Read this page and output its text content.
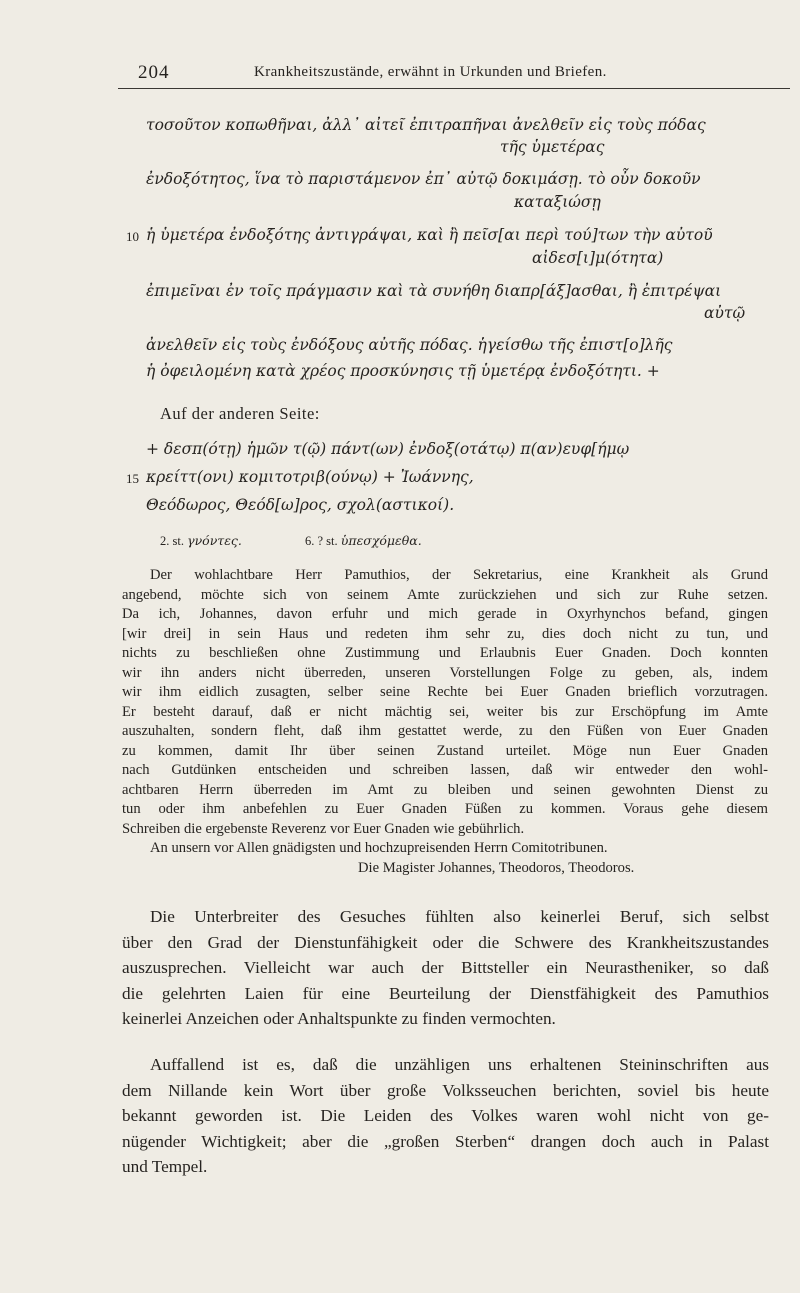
204	Krankheitszustände, erwähnt in Urkunden und Briefen.
τοσοῦτον κοπωθῆναι, ἀλλ᾽ αἰτεῖ ἐπιτραπῆναι ἀνελθεῖν εἰς τοὺς πόδας
τῆς ὑμετέρας
ἐνδοξότητος, ἵνα τὸ παριστάμενον ἐπ᾽ αὐτῷ δοκιμάσῃ. τὸ οὖν δοκοῦν
καταξιώσῃ
10 ἡ ὑμετέρα ἐνδοξότης ἀντιγράψαι, καὶ ἢ πεῖσ[αι περὶ τού]των τὴν αὐτοῦ
αἰδεσ[ι]μ(ότητα)
ἐπιμεῖναι ἐν τοῖς πράγμασιν καὶ τὰ συνήθη διαπρ[άξ]ασθαι, ἢ ἐπιτρέψαι
αὐτῷ
ἀνελθεῖν εἰς τοὺς ἐνδόξους αὐτῆς πόδας. ἡγείσθω τῆς ἐπιστ[ο]λῆς
ἡ ὀφειλομένη κατὰ χρέος προσκύνησις τῇ ὑμετέρᾳ ἐνδοξότητι. +
Auf der anderen Seite:
+ δεσπ(ότῃ) ἡμῶν τ(ῷ) πάντ(ων) ἐνδοξ(οτάτῳ) π(αν)ευφ[ήμῳ
15 κρείττ(ονι) κομιτοτριβ(ούνῳ) + Ἰωάννης,
Θεόδωρος, Θεόδ[ω]ρος, σχολ(αστικοί).
2. st. γνόντες.	6. ? st. ὑπεσχόμεθα.
Der wohlachtbare Herr Pamuthios, der Sekretarius, eine Krankheit als Grund
angebend, möchte sich von seinem Amte zurückziehen und sich zur Ruhe setzen.
Da ich, Johannes, davon erfuhr und mich gerade in Oxyrhynchos befand, gingen
[wir drei] in sein Haus und redeten ihm sehr zu, dies doch nicht zu tun, und
nichts zu beschließen ohne Zustimmung und Erlaubnis Euer Gnaden. Doch konnten
wir ihn anders nicht überreden, unseren Vorstellungen Folge zu geben, als, indem
wir ihm eidlich zusagten, selber seine Rechte bei Euer Gnaden brieflich vorzutragen.
Er besteht darauf, daß er nicht mächtig sei, weiter bis zur Erschöpfung im Amte
auszuhalten, sondern fleht, daß ihm gestattet werde, zu den Füßen von Euer Gnaden
zu kommen, damit Ihr über seinen Zustand urteilet. Möge nun Euer Gnaden
nach Gutdünken entscheiden und schreiben lassen, daß wir entweder den wohl-
achtbaren Herrn überreden im Amt zu bleiben und seinen gewohnten Dienst zu
tun oder ihm anbefehlen zu Euer Gnaden Füßen zu kommen. Voraus gehe diesem
Schreiben die ergebenste Reverenz vor Euer Gnaden wie gebührlich.
An unsern vor Allen gnädigsten und hochzupreisenden Herrn Comitotribunen.
Die Magister Johannes, Theodoros, Theodoros.
Die Unterbreiter des Gesuches fühlten also keinerlei Beruf, sich selbst
über den Grad der Dienstunfähigkeit oder die Schwere des Krankheitszustandes
auszusprechen. Vielleicht war auch der Bittsteller ein Neurastheniker, so daß
die gelehrten Laien für eine Beurteilung der Dienstfähigkeit des Pamuthios
keinerlei Anzeichen oder Anhaltspunkte zu finden vermochten.
Auffallend ist es, daß die unzähligen uns erhaltenen Steininschriften aus
dem Nillande kein Wort über große Volksseuchen berichten, soviel bis heute
bekannt geworden ist. Die Leiden des Volkes waren wohl nicht von ge-
nügender Wichtigkeit; aber die „großen Sterben“ drangen doch auch in Palast
und Tempel.
